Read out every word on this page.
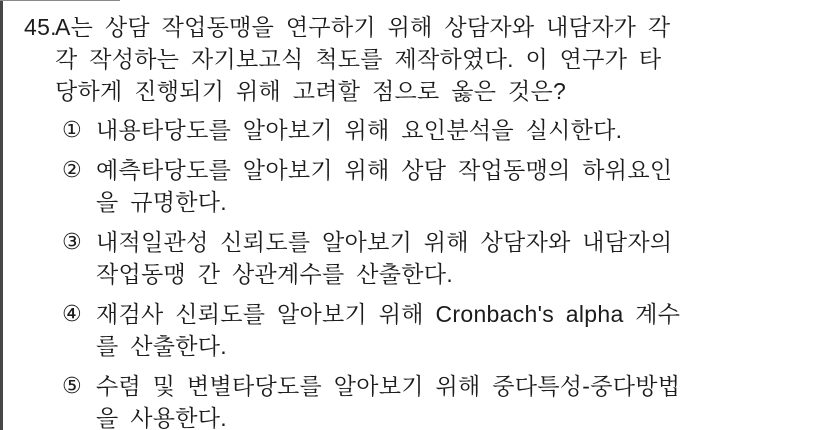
45.
A는 상담 작업동맹을 연구하기 위해 상담자와 내담자가 각
각 작성하는 자기보고식 척도를 제작하였다. 이 연구가 타
당하게 진행되기 위해 고려할 점으로 옳은 것은?
① 내용타당도를 알아보기 위해 요인분석을 실시한다.
② 예측타당도를 알아보기 위해 상담 작업동맹의 하위요인
을 규명한다.
③ 내적일관성 신뢰도를 알아보기 위해 상담자와 내담자의
작업동맹 간 상관계수를 산출한다.
④ 재검사 신뢰도를 알아보기 위해 Cronbach's alpha 계수
를 산출한다.
⑤ 수렴 및 변별타당도를 알아보기 위해 중다특성-중다방법
을 사용한다.
